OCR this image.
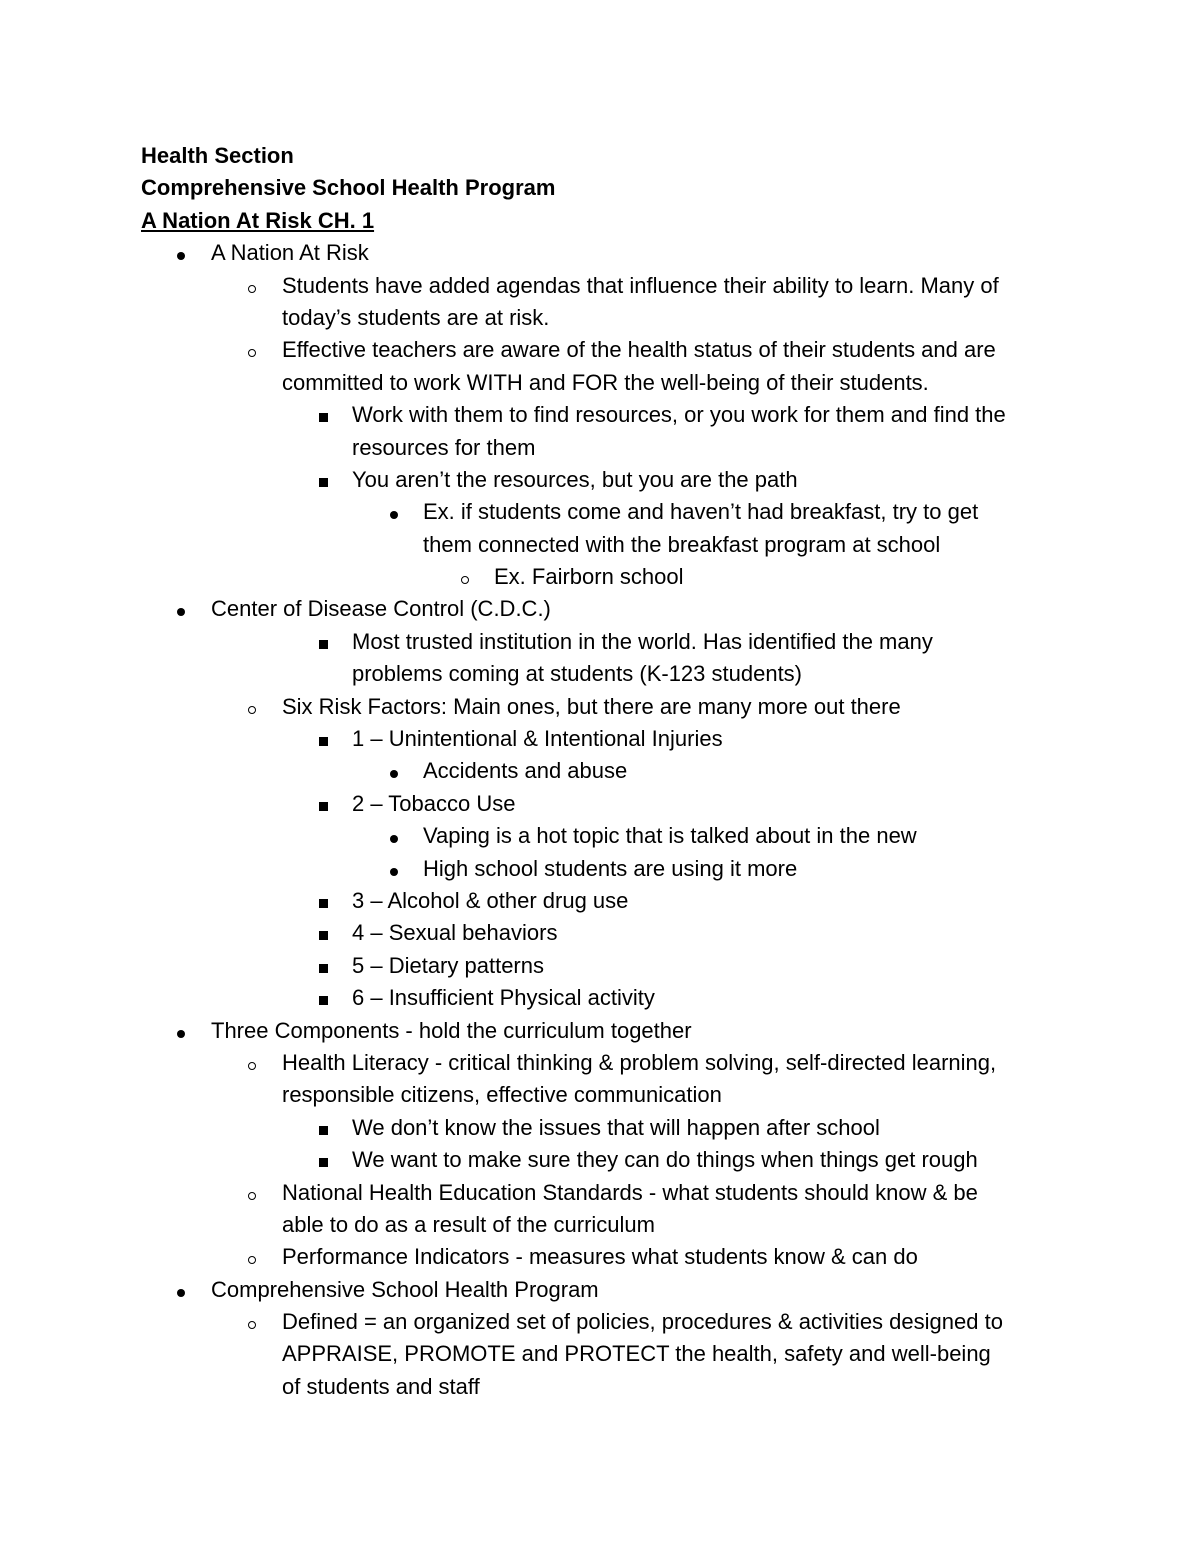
Health Section
Comprehensive School Health Program
A Nation At Risk CH. 1
A Nation At Risk
Students have added agendas that influence their ability to learn. Many of
today’s students are at risk.
Effective teachers are aware of the health status of their students and are
committed to work WITH and FOR the well-being of their students.
Work with them to find resources, or you work for them and find the
resources for them
You aren’t the resources, but you are the path
Ex. if students come and haven’t had breakfast, try to get
them connected with the breakfast program at school
Ex. Fairborn school
Center of Disease Control (C.D.C.)
Most trusted institution in the world. Has identified the many
problems coming at students (K-123 students)
Six Risk Factors: Main ones, but there are many more out there
1 – Unintentional & Intentional Injuries
Accidents and abuse
2 – Tobacco Use
Vaping is a hot topic that is talked about in the new
High school students are using it more
3 – Alcohol & other drug use
4 – Sexual behaviors
5 – Dietary patterns
6 – Insufficient Physical activity
Three Components - hold the curriculum together
Health Literacy - critical thinking & problem solving, self-directed learning,
responsible citizens, effective communication
We don’t know the issues that will happen after school
We want to make sure they can do things when things get rough
National Health Education Standards - what students should know & be
able to do as a result of the curriculum
Performance Indicators - measures what students know & can do
Comprehensive School Health Program
Defined = an organized set of policies, procedures & activities designed to
APPRAISE, PROMOTE and PROTECT the health, safety and well-being
of students and staff
